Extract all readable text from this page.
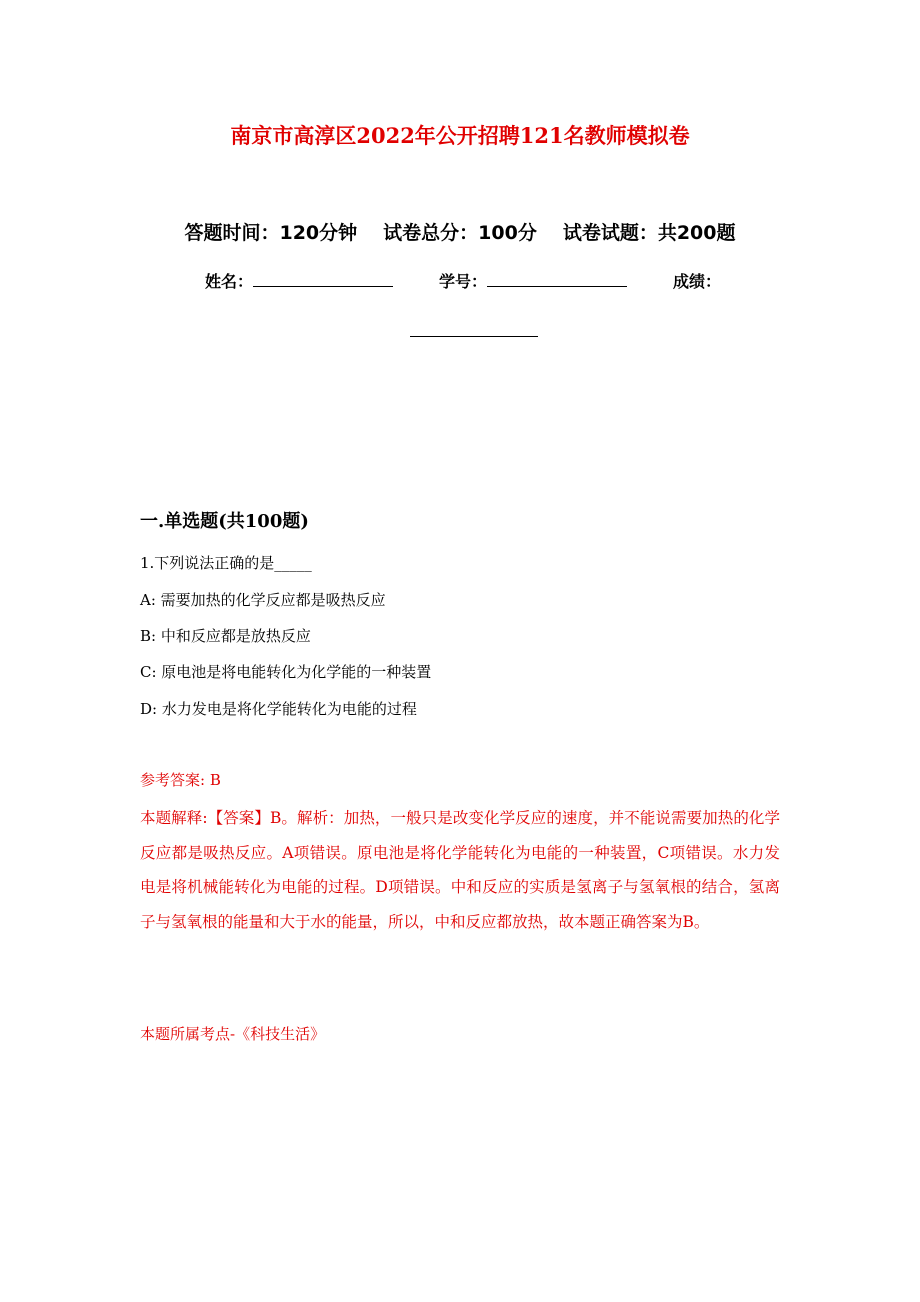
南京市高淳区2022年公开招聘121名教师模拟卷
答题时间：120分钟 试卷总分：100分 试卷试题：共200题
姓名：	学号：	成绩：
一.单选题(共100题)
1.下列说法正确的是_____
A: 需要加热的化学反应都是吸热反应
B: 中和反应都是放热反应
C: 原电池是将电能转化为化学能的一种装置
D: 水力发电是将化学能转化为电能的过程
参考答案: B
本题解释:【答案】B。解析：加热，一般只是改变化学反应的速度，并不能说需要加热的化学反应都是吸热反应。A项错误。原电池是将化学能转化为电能的一种装置，C项错误。水力发电是将机械能转化为电能的过程。D项错误。中和反应的实质是氢离子与氢氧根的结合，氢离子与氢氧根的能量和大于水的能量，所以，中和反应都放热，故本题正确答案为B。
本题所属考点-《科技生活》
